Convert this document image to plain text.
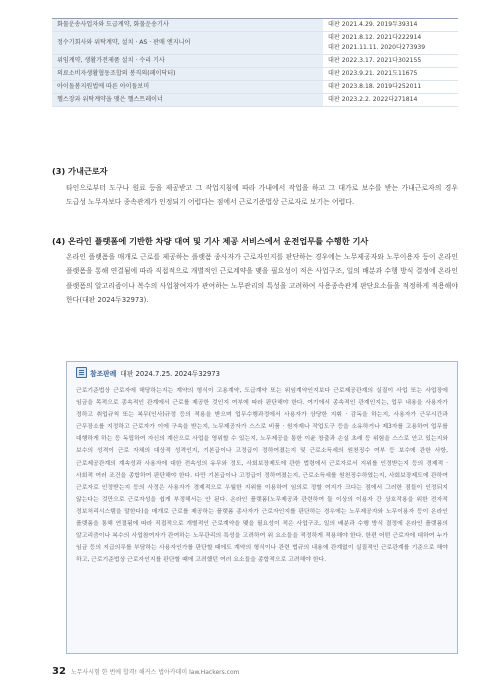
화물운송사업자와 도급계약, 화물운송기사	대판 2021.4.29. 2019두39314

정수기회사와 위탁계약, 설치 · AS · 판매 엔지니어	대판 2021.8.12. 2021다222914
대판 2021.11.11. 2020다273939

위임계약, 생활가전제품 설치 · 수리 기사	대판 2022.3.17. 2021다302155

의료소비자생활협동조합의 봉직의(페이닥터)	대판 2023.9.21. 2021도11675

아이돌봄지원법에 따른 아이돌보미	대판 2023.8.18. 2019다252011

헬스장과 위탁계약을 맺은 헬스트레이너	대판 2023.2.2. 2022다271814
(3) 가내근로자

타인으로부터 도구나 원료 등을 제공받고 그 작업지침에 따라 가내에서 작업을 하고 그 대가로 보수를 받는 가내근로자의 경우 도급성 노무자보다 종속관계가 인정되기 어렵다는 점에서 근로기준법상 근로자로 보기는 어렵다.

(4) 온라인 플랫폼에 기반한 차량 대여 및 기사 제공 서비스에서 운전업무를 수행한 기사

온라인 플랫폼을 매개로 근로를 제공하는 플랫폼 종사자가 근로자인지를 판단하는 경우에는 노무제공자와 노무이용자 등이 온라인 플랫폼을 통해 연결됨에 따라 직접적으로 개별적인 근로계약을 맺을 필요성이 적은 사업구조, 일의 배분과 수행 방식 결정에 온라인 플랫폼의 알고리즘이나 복수의 사업참여자가 관여하는 노무관리의 특성을 고려하여 사용종속관계 판단요소들을 적정하게 적용해야 한다(대판 2024두32973).

참조판례 대판 2024.7.25. 2024두32973

근로기준법상 근로자에 해당하는지는 계약의 형식이 고용계약, 도급계약 또는 위임계약인지보다 근로제공관계의 실질이 사업 또는 사업장에 임금을 목적으로 종속적인 관계에서 근로를 제공한 것인지 여부에 따라 판단해야 한다. 여기에서 종속적인 관계인지는, 업무 내용을 사용자가 정하고 취업규칙 또는 복무(인사)규정 등의 적용을 받으며 업무수행과정에서 사용자가 상당한 지휘 · 감독을 하는지, 사용자가 근무시간과 근무장소를 지정하고 근로자가 이에 구속을 받는지, 노무제공자가 스스로 비품 · 원자재나 작업도구 등을 소유하거나 제3자를 고용하여 업무를 대행하게 하는 등 독립하여 자신의 계산으로 사업을 영위할 수 있는지, 노무제공을 통한 이윤 창출과 손실 초래 등 위험을 스스로 안고 있는지와 보수의 성격이 근로 자체의 대상적 성격인지, 기본급이나 고정급이 정하여졌는지 및 근로소득세의 원천징수 여부 등 보수에 관한 사항, 근로제공관계의 계속성과 사용자에 대한 전속성의 유무와 정도, 사회보장제도에 관한 법령에서 근로자로서 지위를 인정받는지 등의 경제적 · 사회적 여러 조건을 종합하여 판단해야 한다. 다만 기본급이나 고정급이 정하여졌는지, 근로소득세를 원천징수하였는지, 사회보장제도에 관하여 근로자로 인정받는지 등의 사정은 사용자가 경제적으로 우월한 지위를 이용하여 임의로 정할 여지가 크다는 점에서 그러한 점들이 인정되지 않는다는 것만으로 근로자성을 쉽게 부정해서는 안 된다. 온라인 플랫폼(노무제공과 관련하여 둘 이상의 이용자 간 상호작용을 위한 전자적 정보처리시스템을 말한다)을 매개로 근로를 제공하는 플랫폼 종사자가 근로자인지를 판단하는 경우에는 노무제공자와 노무이용자 등이 온라인 플랫폼을 통해 연결됨에 따라 직접적으로 개별적인 근로계약을 맺을 필요성이 적은 사업구조, 일의 배분과 수행 방식 결정에 온라인 플랫폼의 알고리즘이나 복수의 사업참여자가 관여하는 노무관리의 특성을 고려하여 위 요소들을 적정하게 적용해야 한다. 한편 어떤 근로자에 대하여 누가 임금 등의 지급의무를 부담하는 사용자인가를 판단할 때에도 계약의 형식이나 관련 법규의 내용에 관계없이 실질적인 근로관계를 기준으로 해야 하고, 근로기준법상 근로자인지를 판단할 때에 고려했던 여러 요소들을 종합적으로 고려해야 한다.

32 노무사시험 한 번에 합격! 해커스 법아카데미 law.Hackers.com
